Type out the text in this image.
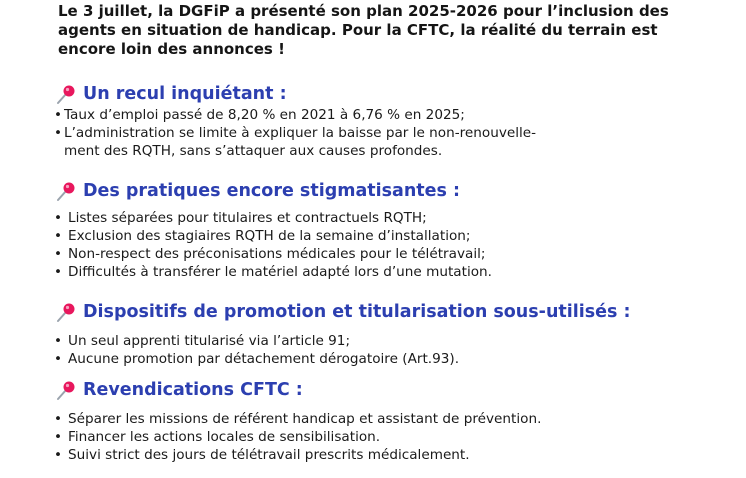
Le 3 juillet, la DGFiP a présenté son plan 2025-2026 pour l’inclusion des
agents en situation de handicap. Pour la CFTC, la réalité du terrain est
encore loin des annonces !

Un recul inquiétant :
• Taux d’emploi passé de 8,20 % en 2021 à 6,76 % en 2025;
• L’administration se limite à expliquer la baisse par le non-renouvelle-
ment des RQTH, sans s’attaquer aux causes profondes.
Des pratiques encore stigmatisantes :
• Listes séparées pour titulaires et contractuels RQTH;
• Exclusion des stagiaires RQTH de la semaine d’installation;
• Non-respect des préconisations médicales pour le télétravail;
• Difficultés à transférer le matériel adapté lors d’une mutation.
Dispositifs de promotion et titularisation sous-utilisés :
• Un seul apprenti titularisé via l’article 91;
• Aucune promotion par détachement dérogatoire (Art.93).
Revendications CFTC :
• Séparer les missions de référent handicap et assistant de prévention.
• Financer les actions locales de sensibilisation.
• Suivi strict des jours de télétravail prescrits médicalement.
